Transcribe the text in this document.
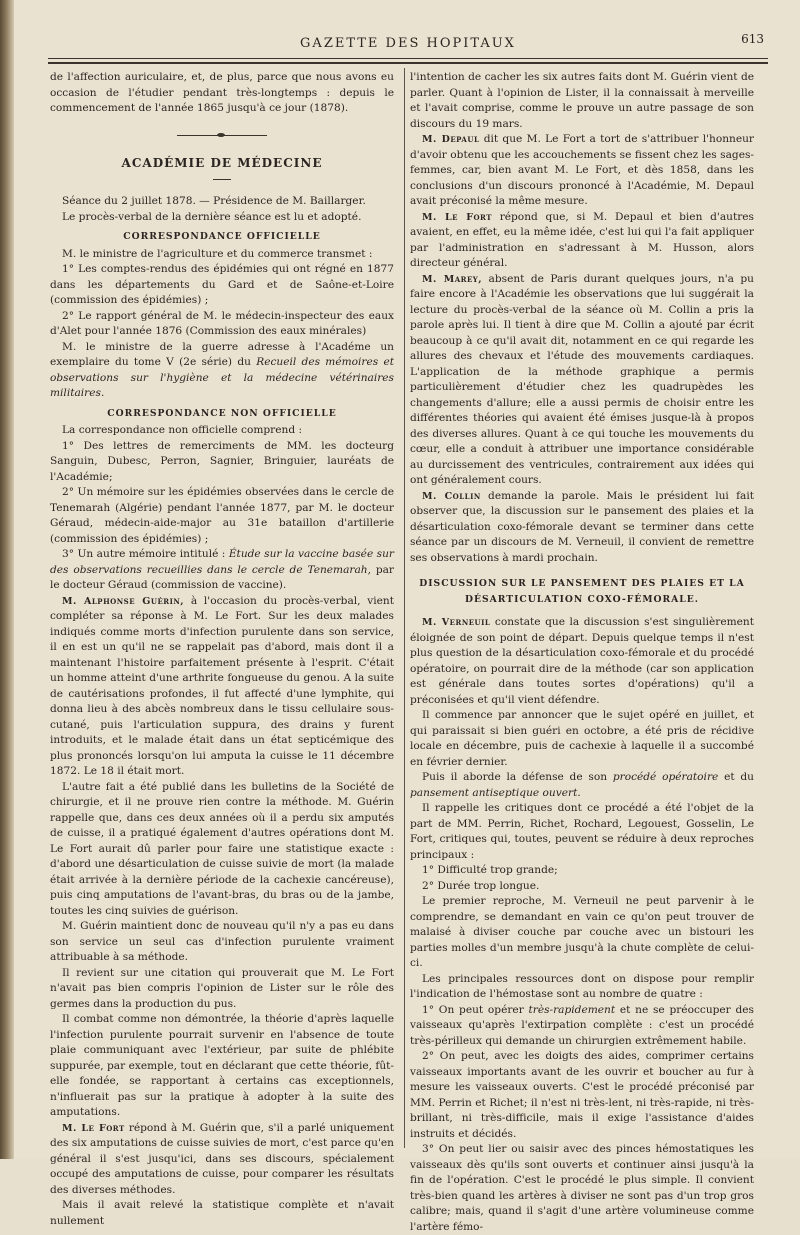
GAZETTE DES HOPITAUX	613

de l'affection auriculaire, et, de plus, parce que nous avons eu occasion de l'étudier pendant très-longtemps : depuis le commencement de l'année 1865 jusqu'à ce jour (1878).

ACADÉMIE DE MÉDECINE

Séance du 2 juillet 1878. — Présidence de M. Baillarger.

Le procès-verbal de la dernière séance est lu et adopté.

CORRESPONDANCE OFFICIELLE

M. le ministre de l'agriculture et du commerce transmet :

1° Les comptes-rendus des épidémies qui ont régné en 1877 dans les départements du Gard et de Saône-et-Loire (commission des épidémies) ;

2° Le rapport général de M. le médecin-inspecteur des eaux d'Alet pour l'année 1876 (Commission des eaux minérales)

M. le ministre de la guerre adresse à l'Académe un exemplaire du tome V (2e série) du Recueil des mémoires et observations sur l'hygiène et la médecine vétérinaires militaires.

CORRESPONDANCE NON OFFICIELLE

La correspondance non officielle comprend :

1° Des lettres de remerciments de MM. les docteurg Sanguin, Dubesc, Perron, Sagnier, Bringuier, lauréats de l'Académie;

2° Un mémoire sur les épidémies observées dans le cercle de Tenemarah (Algérie) pendant l'année 1877, par M. le docteur Géraud, médecin-aide-major au 31e bataillon d'artillerie (commission des épidémies) ;

3° Un autre mémoire intitulé : Étude sur la vaccine basée sur des observations recueillies dans le cercle de Tenemarah, par le docteur Géraud (commission de vaccine).

M. Alphonse Guérin, à l'occasion du procès-verbal, vient compléter sa réponse à M. Le Fort. Sur les deux malades indiqués comme morts d'infection purulente dans son service, il en est un qu'il ne se rappelait pas d'abord, mais dont il a maintenant l'histoire parfaitement présente à l'esprit. C'était un homme atteint d'une arthrite fongueuse du genou. A la suite de cautérisations profondes, il fut affecté d'une lymphite, qui donna lieu à des abcès nombreux dans le tissu cellulaire sous-cutané, puis l'articulation suppura, des drains y furent introduits, et le malade était dans un état septicémique des plus prononcés lorsqu'on lui amputa la cuisse le 11 décembre 1872. Le 18 il était mort.

L'autre fait a été publié dans les bulletins de la Société de chirurgie, et il ne prouve rien contre la méthode. M. Guérin rappelle que, dans ces deux années où il a perdu six amputés de cuisse, il a pratiqué également d'autres opérations dont M. Le Fort aurait dû parler pour faire une statistique exacte : d'abord une désarticulation de cuisse suivie de mort (la malade était arrivée à la dernière période de la cachexie cancéreuse), puis cinq amputations de l'avant-bras, du bras ou de la jambe, toutes les cinq suivies de guérison.

M. Guérin maintient donc de nouveau qu'il n'y a pas eu dans son service un seul cas d'infection purulente vraiment attribuable à sa méthode.

Il revient sur une citation qui prouverait que M. Le Fort n'avait pas bien compris l'opinion de Lister sur le rôle des germes dans la production du pus.

Il combat comme non démontrée, la théorie d'après laquelle l'infection purulente pourrait survenir en l'absence de toute plaie communiquant avec l'extérieur, par suite de phlébite suppurée, par exemple, tout en déclarant que cette théorie, fût-elle fondée, se rapportant à certains cas exceptionnels, n'influerait pas sur la pratique à adopter à la suite des amputations.

M. Le Fort répond à M. Guérin que, s'il a parlé uniquement des six amputations de cuisse suivies de mort, c'est parce qu'en général il s'est jusqu'ici, dans ses discours, spécialement occupé des amputations de cuisse, pour comparer les résultats des diverses méthodes.

Mais il avait relevé la statistique complète et n'avait nullement

l'intention de cacher les six autres faits dont M. Guérin vient de parler. Quant à l'opinion de Lister, il la connaissait à merveille et l'avait comprise, comme le prouve un autre passage de son discours du 19 mars.

M. Depaul dit que M. Le Fort a tort de s'attribuer l'honneur d'avoir obtenu que les accouchements se fissent chez les sages-femmes, car, bien avant M. Le Fort, et dès 1858, dans les conclusions d'un discours prononcé à l'Académie, M. Depaul avait préconisé la même mesure.

M. Le Fort répond que, si M. Depaul et bien d'autres avaient, en effet, eu la même idée, c'est lui qui l'a fait appliquer par l'administration en s'adressant à M. Husson, alors directeur général.

M. Marey, absent de Paris durant quelques jours, n'a pu faire encore à l'Académie les observations que lui suggérait la lecture du procès-verbal de la séance où M. Collin a pris la parole après lui. Il tient à dire que M. Collin a ajouté par écrit beaucoup à ce qu'il avait dit, notamment en ce qui regarde les allures des chevaux et l'étude des mouvements cardiaques. L'application de la méthode graphique a permis particulièrement d'étudier chez les quadrupèdes les changements d'allure; elle a aussi permis de choisir entre les différentes théories qui avaient été émises jusque-là à propos des diverses allures. Quant à ce qui touche les mouvements du cœur, elle a conduit à attribuer une importance considérable au durcissement des ventricules, contrairement aux idées qui ont généralement cours.

M. Collin demande la parole. Mais le président lui fait observer que, la discussion sur le pansement des plaies et la désarticulation coxo-fémorale devant se terminer dans cette séance par un discours de M. Verneuil, il convient de remettre ses observations à mardi prochain.

DISCUSSION SUR LE PANSEMENT DES PLAIES ET LA DÉSARTICULATION COXO-FÉMORALE.

M. Verneuil constate que la discussion s'est singulièrement éloignée de son point de départ. Depuis quelque temps il n'est plus question de la désarticulation coxo-fémorale et du procédé opératoire, on pourrait dire de la méthode (car son application est générale dans toutes sortes d'opérations) qu'il a préconisées et qu'il vient défendre.

Il commence par annoncer que le sujet opéré en juillet, et qui paraissait si bien guéri en octobre, a été pris de récidive locale en décembre, puis de cachexie à laquelle il a succombé en février dernier.

Puis il aborde la défense de son procédé opératoire et du pansement antiseptique ouvert.

Il rappelle les critiques dont ce procédé a été l'objet de la part de MM. Perrin, Richet, Rochard, Legouest, Gosselin, Le Fort, critiques qui, toutes, peuvent se réduire à deux reproches principaux :

1° Difficulté trop grande;

2° Durée trop longue.

Le premier reproche, M. Verneuil ne peut parvenir à le comprendre, se demandant en vain ce qu'on peut trouver de malaisé à diviser couche par couche avec un bistouri les parties molles d'un membre jusqu'à la chute complète de celui-ci.

Les principales ressources dont on dispose pour remplir l'indication de l'hémostase sont au nombre de quatre :

1° On peut opérer très-rapidement et ne se préoccuper des vaisseaux qu'après l'extirpation complète : c'est un procédé très-périlleux qui demande un chirurgien extrêmement habile.

2° On peut, avec les doigts des aides, comprimer certains vaisseaux importants avant de les ouvrir et boucher au fur à mesure les vaisseaux ouverts. C'est le procédé préconisé par MM. Perrin et Richet; il n'est ni très-lent, ni très-rapide, ni très-brillant, ni très-difficile, mais il exige l'assistance d'aides instruits et décidés.

3° On peut lier ou saisir avec des pinces hémostatiques les vaisseaux dès qu'ils sont ouverts et continuer ainsi jusqu'à la fin de l'opération. C'est le procédé le plus simple. Il convient très-bien quand les artères à diviser ne sont pas d'un trop gros calibre; mais, quand il s'agit d'une artère volumineuse comme l'artère fémo-
